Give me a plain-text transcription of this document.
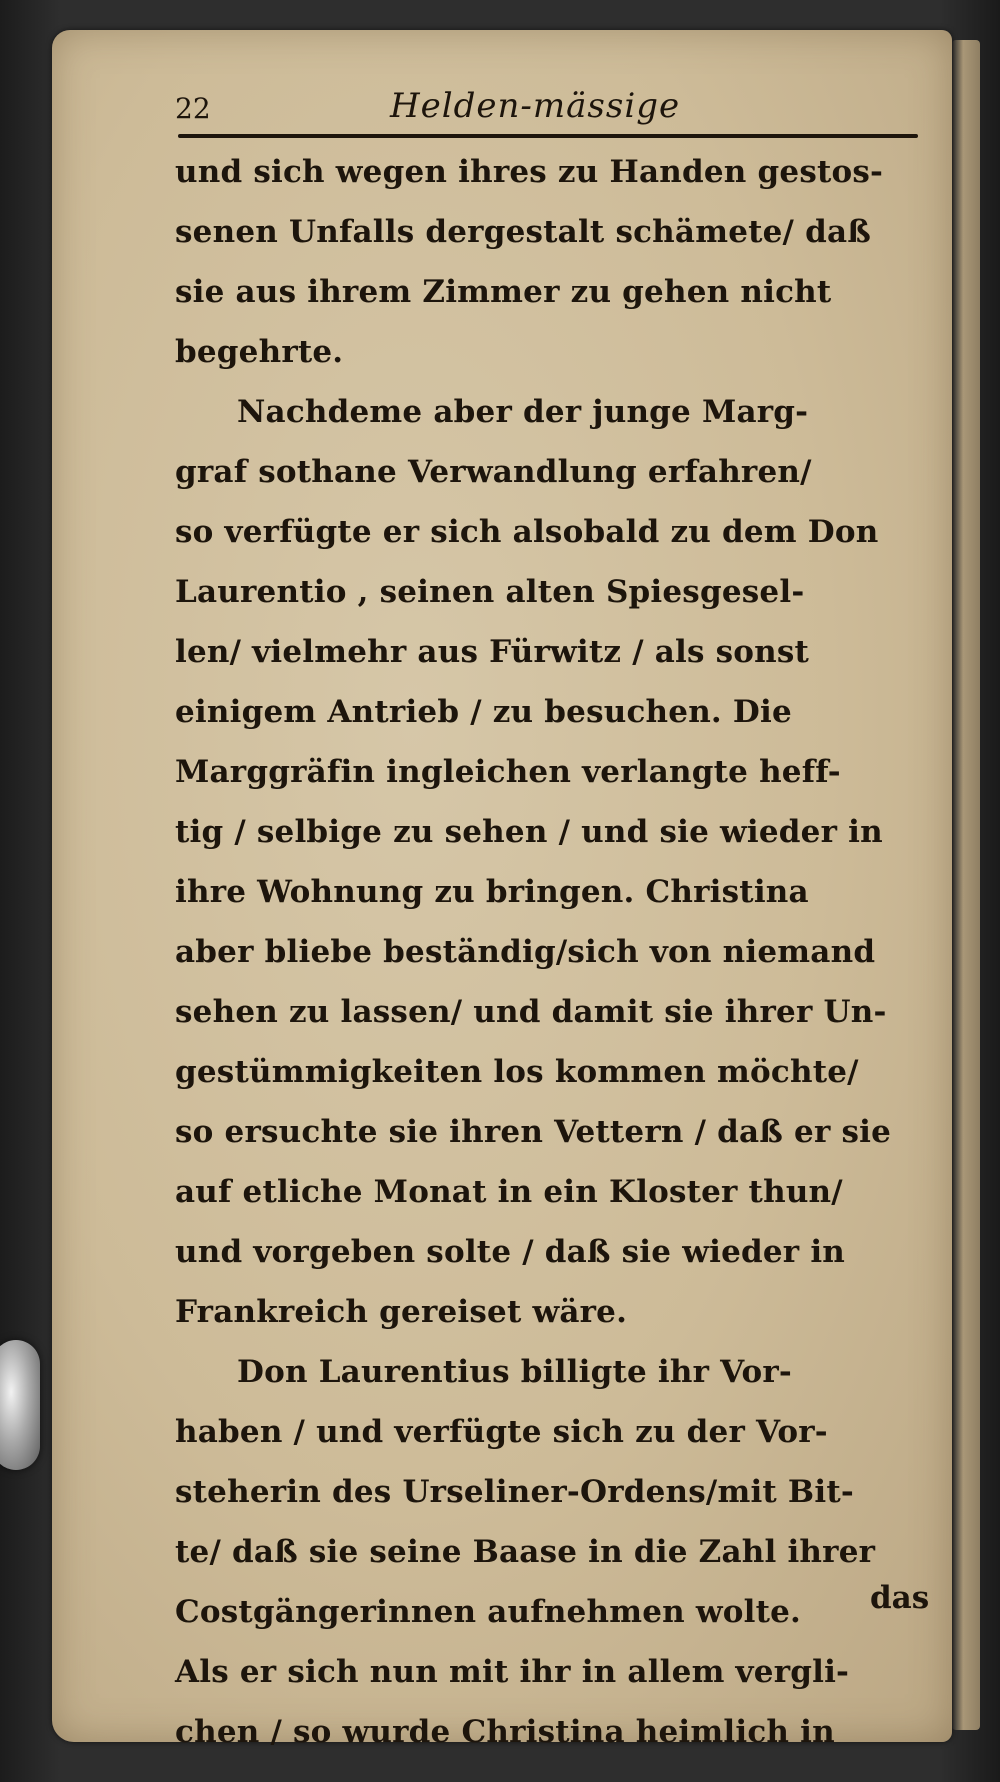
22	Helden-mässige
und sich wegen ihres zu Handen gestos-
senen Unfalls dergestalt schämete/ daß
sie aus ihrem Zimmer zu gehen nicht
begehrte.
Nachdeme aber der junge Marg-
graf sothane Verwandlung erfahren/
so verfügte er sich alsobald zu dem Don
Laurentio , seinen alten Spiesgesel-
len/ vielmehr aus Fürwitz / als sonst
einigem Antrieb / zu besuchen. Die
Marggräfin ingleichen verlangte heff-
tig / selbige zu sehen / und sie wieder in
ihre Wohnung zu bringen. Christina
aber bliebe beständig/sich von niemand
sehen zu lassen/ und damit sie ihrer Un-
gestümmigkeiten los kommen möchte/
so ersuchte sie ihren Vettern / daß er sie
auf etliche Monat in ein Kloster thun/
und vorgeben solte / daß sie wieder in
Frankreich gereiset wäre.
Don Laurentius billigte ihr Vor-
haben / und verfügte sich zu der Vor-
steherin des Urseliner-Ordens/mit Bit-
te/ daß sie seine Baase in die Zahl ihrer
Costgängerinnen aufnehmen wolte.
Als er sich nun mit ihr in allem vergli-
chen / so wurde Christina heimlich in
das
